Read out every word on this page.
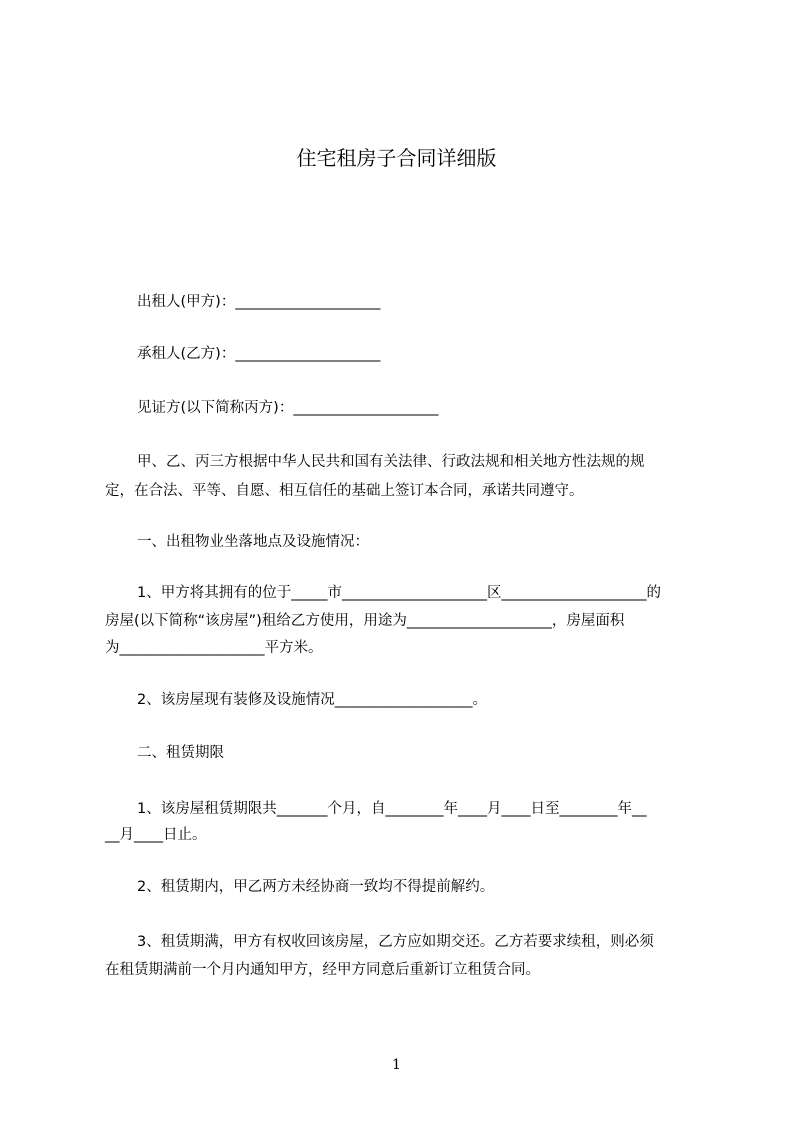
住宅租房子合同详细版

出租人(甲方)：____________________

承租人(乙方)：____________________

见证方(以下简称丙方)：____________________

甲、乙、丙三方根据中华人民共和国有关法律、行政法规和相关地方性法规的规

定，在合法、平等、自愿、相互信任的基础上签订本合同，承诺共同遵守。

一、出租物业坐落地点及设施情况：

1、甲方将其拥有的位于_____市____________________区____________________的

房屋(以下简称“该房屋”)租给乙方使用，用途为____________________，房屋面积

为____________________平方米。

2、该房屋现有装修及设施情况___________________。

二、租赁期限

1、该房屋租赁期限共_______个月，自________年____月____日至________年__

__月____日止。

2、租赁期内，甲乙两方未经协商一致均不得提前解约。

3、租赁期满，甲方有权收回该房屋，乙方应如期交还。乙方若要求续租，则必须

在租赁期满前一个月内通知甲方，经甲方同意后重新订立租赁合同。

1
